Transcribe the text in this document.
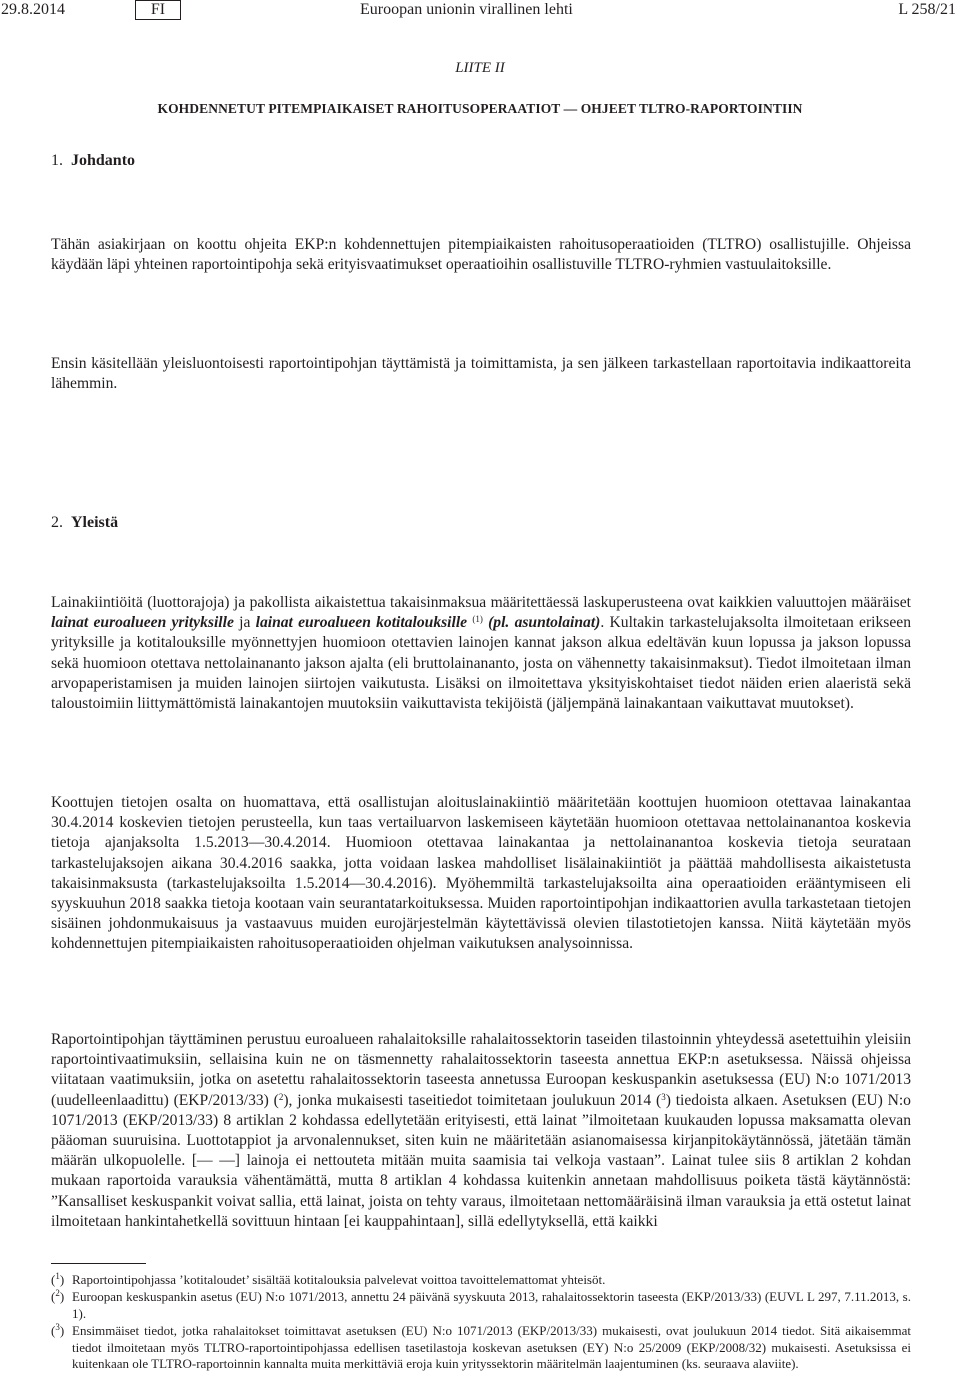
29.8.2014	FI	Euroopan unionin virallinen lehti	L 258/21
LIITE II
KOHDENNETUT PITEMPIAIKAISET RAHOITUSOPERAATIOT — OHJEET TLTRO-RAPORTOINTIIN
1. Johdanto

Tähän asiakirjaan on koottu ohjeita EKP:n kohdennettujen pitempiaikaisten rahoitusoperaatioiden (TLTRO) osallistujille. Ohjeissa käydään läpi yhteinen raportointipohja sekä erityisvaatimukset operaatioihin osallistuville TLTRO-ryhmien vastuulaitoksille.

Ensin käsitellään yleisluontoisesti raportointipohjan täyttämistä ja toimittamista, ja sen jälkeen tarkastellaan raportoitavia indikaattoreita lähemmin.

2. Yleistä

Lainakiintiöitä (luottorajoja) ja pakollista aikaistettua takaisinmaksua määritettäessä laskuperusteena ovat kaikkien valuuttojen määräiset lainat euroalueen yrityksille ja lainat euroalueen kotitalouksille $^{(1)}$ (pl. asuntolainat). Kultakin tarkastelujaksolta ilmoitetaan erikseen yrityksille ja kotitalouksille myönnettyjen huomioon otettavien lainojen kannat jakson alkua edeltävän kuun lopussa ja jakson lopussa sekä huomioon otettava nettolainananto jakson ajalta (eli bruttolainananto, josta on vähennetty takaisinmaksut). Tiedot ilmoitetaan ilman arvopaperistamisen ja muiden lainojen siirtojen vaikutusta. Lisäksi on ilmoitettava yksityiskohtaiset tiedot näiden erien alaeristä sekä taloustoimiin liittymättömistä lainakantojen muutoksiin vaikuttavista tekijöistä (jäljempänä lainakantaan vaikuttavat muutokset).

Koottujen tietojen osalta on huomattava, että osallistujan aloituslainakiintiö määritetään koottujen huomioon otettavaa lainakantaa 30.4.2014 koskevien tietojen perusteella, kun taas vertailuarvon laskemiseen käytetään huomioon otettavaa nettolainanantoa koskevia tietoja ajanjaksolta 1.5.2013—30.4.2014. Huomioon otettavaa lainakantaa ja nettolainanantoa koskevia tietoja seurataan tarkastelujaksojen aikana 30.4.2016 saakka, jotta voidaan laskea mahdolliset lisälainakiintiöt ja päättää mahdollisesta aikaistetusta takaisinmaksusta (tarkastelujaksoilta 1.5.2014—30.4.2016). Myöhemmiltä tarkastelujaksoilta aina operaatioiden erääntymiseen eli syyskuuhun 2018 saakka tietoja kootaan vain seurantatarkoituksessa. Muiden raportointipohjan indikaattorien avulla tarkastetaan tietojen sisäinen johdonmukaisuus ja vastaavuus muiden eurojärjestelmän käytettävissä olevien tilastotietojen kanssa. Niitä käytetään myös kohdennettujen pitempiaikaisten rahoitusoperaatioiden ohjelman vaikutuksen analysoinnissa.

Raportointipohjan täyttäminen perustuu euroalueen rahalaitoksille rahalaitossektorin taseiden tilastoinnin yhteydessä asetettuihin yleisiin raportointivaatimuksiin, sellaisina kuin ne on täsmennetty rahalaitossektorin taseesta annettua EKP:n asetuksessa. Näissä ohjeissa viitataan vaatimuksiin, jotka on asetettu rahalaitossektorin taseesta annetussa Euroopan keskuspankin asetuksessa (EU) N:o 1071/2013 (uudelleenlaadittu) (EKP/2013/33) ($^2$), jonka mukaisesti taseitiedot toimitetaan joulukuun 2014 ($^3$) tiedoista alkaen. Asetuksen (EU) N:o 1071/2013 (EKP/2013/33) 8 artiklan 2 kohdassa edellytetään erityisesti, että lainat ”ilmoitetaan kuukauden lopussa maksamatta olevan pääoman suuruisina. Luottotappiot ja arvonalennukset, siten kuin ne määritetään asianomaisessa kirjanpitokäytännössä, jätetään tämän määrän ulkopuolelle. [— —] lainoja ei nettouteta mitään muita saamisia tai velkoja vastaan”. Lainat tulee siis 8 artiklan 2 kohdan mukaan raportoida varauksia vähentämättä, mutta 8 artiklan 4 kohdassa kuitenkin annetaan mahdollisuus poiketa tästä käytännöstä: ”Kansalliset keskuspankit voivat sallia, että lainat, joista on tehty varaus, ilmoitetaan nettomääräisinä ilman varauksia ja että ostetut lainat ilmoitetaan hankintahetkellä sovittuun hintaan [ei kauppahintaan], sillä edellytyksellä, että kaikki

($^1$) Raportointipohjassa ’kotitaloudet’ sisältää kotitalouksia palvelevat voittoa tavoittelemattomat yhteisöt.
($^2$) Euroopan keskuspankin asetus (EU) N:o 1071/2013, annettu 24 päivänä syyskuuta 2013, rahalaitossektorin taseesta (EKP/2013/33) (EUVL L 297, 7.11.2013, s. 1).
($^3$) Ensimmäiset tiedot, jotka rahalaitokset toimittavat asetuksen (EU) N:o 1071/2013 (EKP/2013/33) mukaisesti, ovat joulukuun 2014 tiedot. Sitä aikaisemmat tiedot ilmoitetaan myös TLTRO-raportointipohjassa edellisen tasetilastoja koskevan asetuksen (EY) N:o 25/2009 (EKP/2008/32) mukaisesti. Asetuksissa ei kuitenkaan ole TLTRO-raportoinnin kannalta muita merkittäviä eroja kuin yrityssektorin määritelmän laajentuminen (ks. seuraava alaviite).
